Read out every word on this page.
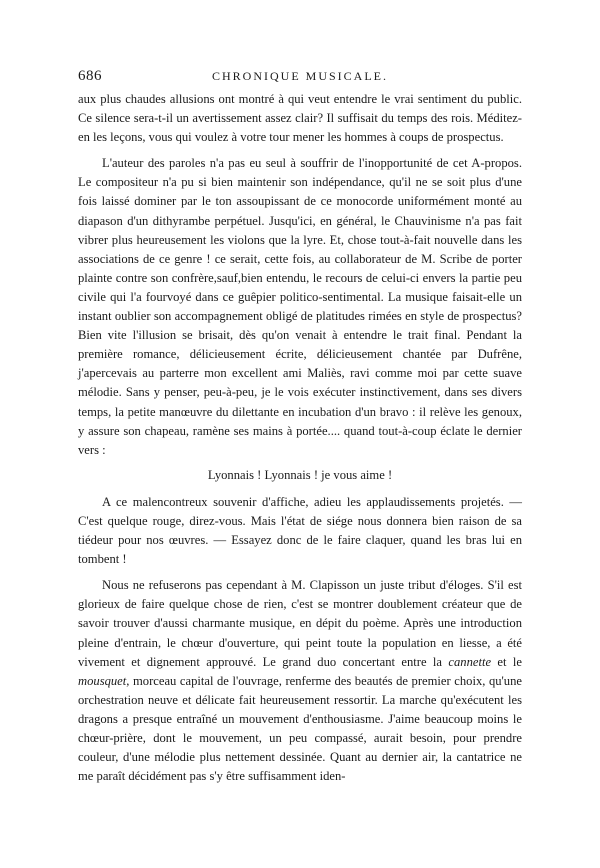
686	CHRONIQUE MUSICALE.

aux plus chaudes allusions ont montré à qui veut entendre le vrai sentiment du public. Ce silence sera-t-il un avertissement assez clair? Il suffisait du temps des rois. Méditez-en les leçons, vous qui voulez à votre tour mener les hommes à coups de prospectus.

L'auteur des paroles n'a pas eu seul à souffrir de l'inopportunité de cet A-propos. Le compositeur n'a pu si bien maintenir son indépendance, qu'il ne se soit plus d'une fois laissé dominer par le ton assoupissant de ce monocorde uniformément monté au diapason d'un dithyrambe perpétuel. Jusqu'ici, en général, le Chauvinisme n'a pas fait vibrer plus heureusement les violons que la lyre. Et, chose tout-à-fait nouvelle dans les associations de ce genre ! ce serait, cette fois, au collaborateur de M. Scribe de porter plainte contre son confrère,sauf,bien entendu, le recours de celui-ci envers la partie peu civile qui l'a fourvoyé dans ce guêpier politico-sentimental. La musique faisait-elle un instant oublier son accompagnement obligé de platitudes rimées en style de prospectus? Bien vite l'illusion se brisait, dès qu'on venait à entendre le trait final. Pendant la première romance, délicieusement écrite, délicieusement chantée par Dufrêne, j'apercevais au parterre mon excellent ami Maliès, ravi comme moi par cette suave mélodie. Sans y penser, peu-à-peu, je le vois exécuter instinctivement, dans ses divers temps, la petite manœuvre du dilettante en incubation d'un bravo : il relève les genoux, y assure son chapeau, ramène ses mains à portée.... quand tout-à-coup éclate le dernier vers :

Lyonnais ! Lyonnais ! je vous aime !

A ce malencontreux souvenir d'affiche, adieu les applaudissements projetés. — C'est quelque rouge, direz-vous. Mais l'état de siége nous donnera bien raison de sa tiédeur pour nos œuvres. — Essayez donc de le faire claquer, quand les bras lui en tombent !

Nous ne refuserons pas cependant à M. Clapisson un juste tribut d'éloges. S'il est glorieux de faire quelque chose de rien, c'est se montrer doublement créateur que de savoir trouver d'aussi charmante musique, en dépit du poème. Après une introduction pleine d'entrain, le chœur d'ouverture, qui peint toute la population en liesse, a été vivement et dignement approuvé. Le grand duo concertant entre la cannette et le mousquet, morceau capital de l'ouvrage, renferme des beautés de premier choix, qu'une orchestration neuve et délicate fait heureusement ressortir. La marche qu'exécutent les dragons a presque entraîné un mouvement d'enthousiasme. J'aime beaucoup moins le chœur-prière, dont le mouvement, un peu compassé, aurait besoin, pour prendre couleur, d'une mélodie plus nettement dessinée. Quant au dernier air, la cantatrice ne me paraît décidément pas s'y être suffisamment iden-
